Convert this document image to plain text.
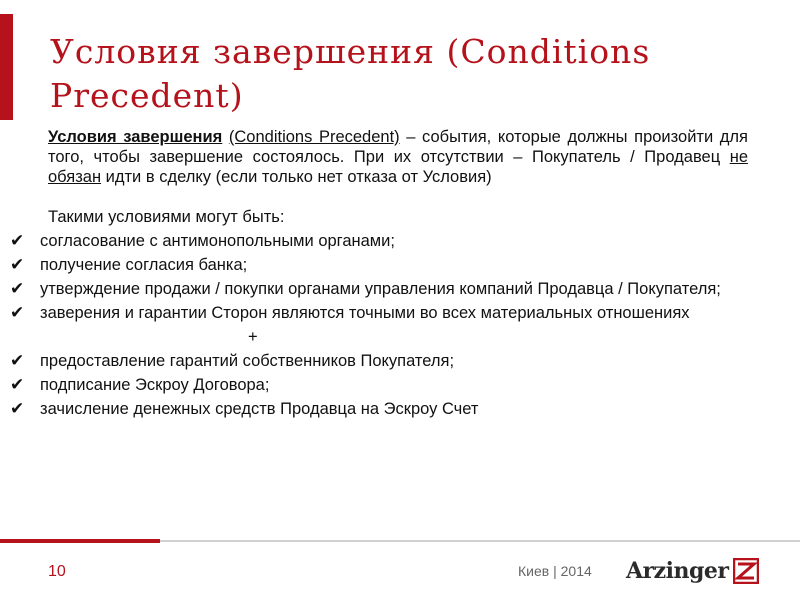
Условия завершения (Conditions Precedent)

Условия завершения (Conditions Precedent) – события, которые должны произойти для того, чтобы завершение состоялось. При их отсутствии – Покупатель / Продавец не обязан идти в сделку (если только нет отказа от Условия)

Такими условиями могут быть:

✔ согласование с антимонопольными органами;
✔ получение согласия банка;
✔ утверждение продажи / покупки органами управления компаний Продавца / Покупателя;
✔ заверения и гарантии Сторон являются точными во всех материальных отношениях

+

✔ предоставление гарантий собственников Покупателя;
✔ подписание Эскроу Договора;
✔ зачисление денежных средств Продавца на Эскроу Счет
10	Киев | 2014 Arzinger
